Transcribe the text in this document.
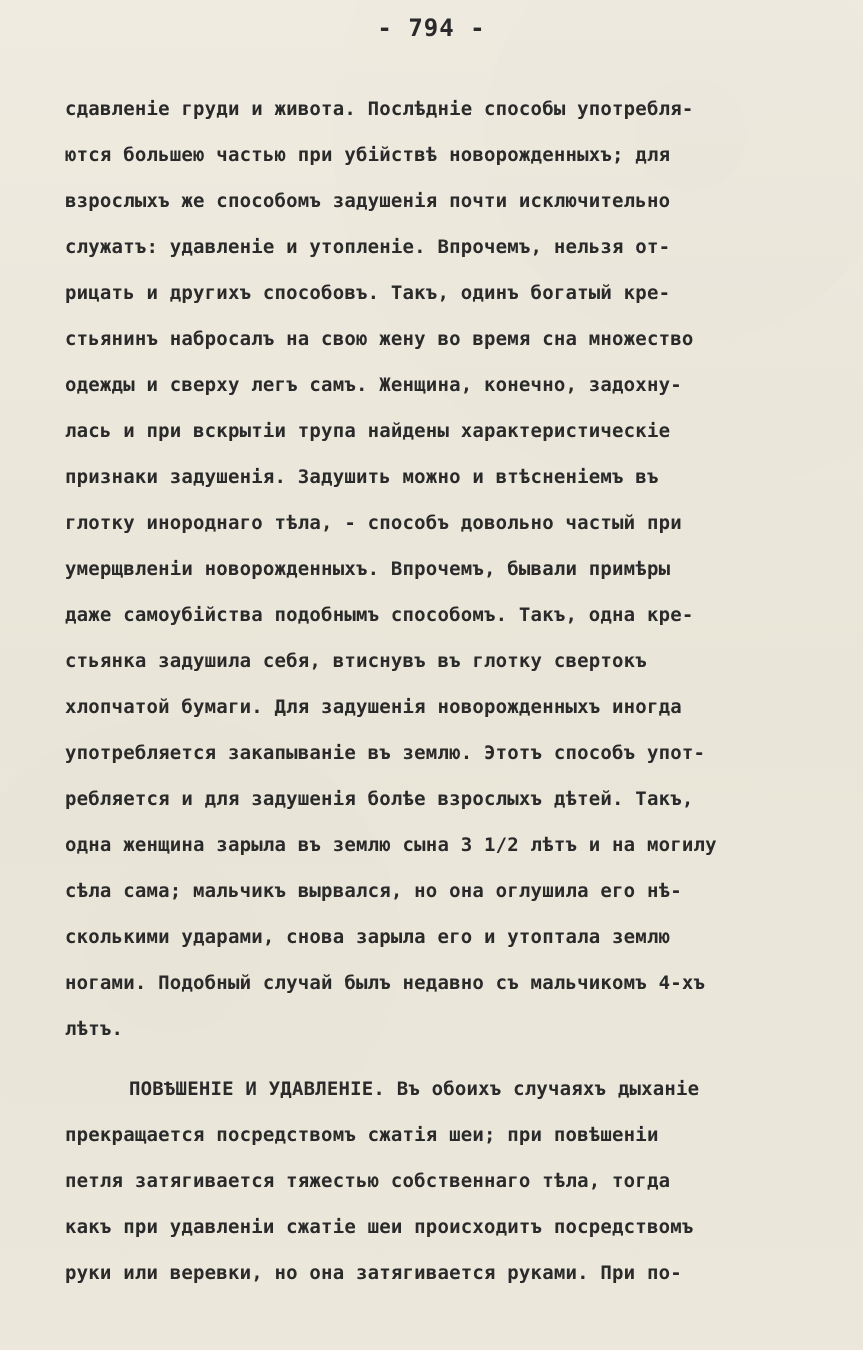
- 794 -
сдавленіе груди и живота. Послѣдніе способы употребля-
ются большею частью при убійствѣ новорожденныхъ; для
взрослыхъ же способомъ задушенія почти исключительно
служатъ: удавленіе и утопленіе. Впрочемъ, нельзя от-
рицать и другихъ способовъ. Такъ, одинъ богатый кре-
стьянинъ набросалъ на свою жену во время сна множество
одежды и сверху легъ самъ. Женщина, конечно, задохну-
лась и при вскрытіи трупа найдены характеристическіе
признаки задушенія. Задушить можно и втѣсненіемъ въ
глотку инороднаго тѣла, - способъ довольно частый при
умерщвленіи новорожденныхъ. Впрочемъ, бывали примѣры
даже самоубійства подобнымъ способомъ. Такъ, одна кре-
стьянка задушила себя, втиснувъ въ глотку свертокъ
хлопчатой бумаги. Для задушенія новорожденныхъ иногда
употребляется закапываніе въ землю. Этотъ способъ упот-
ребляется и для задушенія болѣе взрослыхъ дѣтей. Такъ,
одна женщина зарыла въ землю сына 3 1/2 лѣтъ и на могилу
сѣла сама; мальчикъ вырвался, но она оглушила его нѣ-
сколькими ударами, снова зарыла его и утоптала землю
ногами. Подобный случай былъ недавно съ мальчикомъ 4-хъ
лѣтъ.
ПОВѢШЕНІЕ И УДАВЛЕНІЕ. Въ обоихъ случаяхъ дыханіе
прекращается посредствомъ сжатія шеи; при повѣшеніи
петля затягивается тяжестью собственнаго тѣла, тогда
какъ при удавленіи сжатіе шеи происходитъ посредствомъ
руки или веревки, но она затягивается руками. При по-
